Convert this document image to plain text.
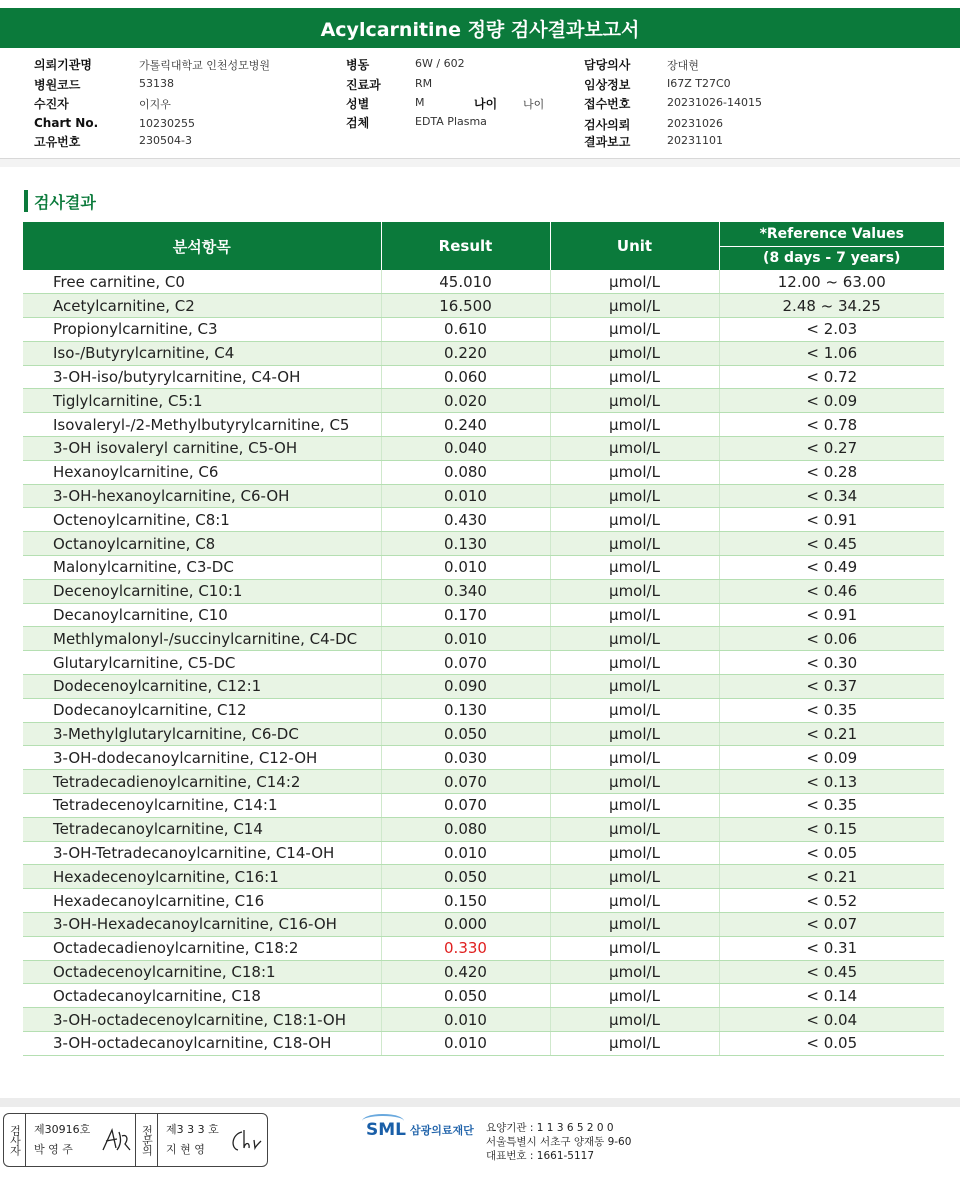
Acylcarnitine 정량 검사결과보고서
의뢰기관명	가톨릭대학교 인천성모병원
병원코드	53138
수진자	이지우
Chart No.	10230255
고유번호	230504-3
병동	6W / 602
진료과	RM
성별	M	나이 나이
검체	EDTA Plasma
담당의사	장대현
임상정보	I67Z T27C0
접수번호	20231026-14015
검사의뢰	20231026
결과보고	20231101
검사결과
분석항목	Result	Unit	*Reference Values
			(8 days - 7 years)
Free carnitine, C0	45.010	μmol/L	12.00 ~ 63.00
Acetylcarnitine, C2	16.500	μmol/L	2.48 ~ 34.25
Propionylcarnitine, C3	0.610	μmol/L	< 2.03
Iso-/Butyrylcarnitine, C4	0.220	μmol/L	< 1.06
3-OH-iso/butyrylcarnitine, C4-OH	0.060	μmol/L	< 0.72
Tiglylcarnitine, C5:1	0.020	μmol/L	< 0.09
Isovaleryl-/2-Methylbutyrylcarnitine, C5	0.240	μmol/L	< 0.78
3-OH isovaleryl carnitine, C5-OH	0.040	μmol/L	< 0.27
Hexanoylcarnitine, C6	0.080	μmol/L	< 0.28
3-OH-hexanoylcarnitine, C6-OH	0.010	μmol/L	< 0.34
Octenoylcarnitine, C8:1	0.430	μmol/L	< 0.91
Octanoylcarnitine, C8	0.130	μmol/L	< 0.45
Malonylcarnitine, C3-DC	0.010	μmol/L	< 0.49
Decenoylcarnitine, C10:1	0.340	μmol/L	< 0.46
Decanoylcarnitine, C10	0.170	μmol/L	< 0.91
Methlymalonyl-/succinylcarnitine, C4-DC	0.010	μmol/L	< 0.06
Glutarylcarnitine, C5-DC	0.070	μmol/L	< 0.30
Dodecenoylcarnitine, C12:1	0.090	μmol/L	< 0.37
Dodecanoylcarnitine, C12	0.130	μmol/L	< 0.35
3-Methylglutarylcarnitine, C6-DC	0.050	μmol/L	< 0.21
3-OH-dodecanoylcarnitine, C12-OH	0.030	μmol/L	< 0.09
Tetradecadienoylcarnitine, C14:2	0.070	μmol/L	< 0.13
Tetradecenoylcarnitine, C14:1	0.070	μmol/L	< 0.35
Tetradecanoylcarnitine, C14	0.080	μmol/L	< 0.15
3-OH-Tetradecanoylcarnitine, C14-OH	0.010	μmol/L	< 0.05
Hexadecenoylcarnitine, C16:1	0.050	μmol/L	< 0.21
Hexadecanoylcarnitine, C16	0.150	μmol/L	< 0.52
3-OH-Hexadecanoylcarnitine, C16-OH	0.000	μmol/L	< 0.07
Octadecadienoylcarnitine, C18:2	0.330	μmol/L	< 0.31
Octadecenoylcarnitine, C18:1	0.420	μmol/L	< 0.45
Octadecanoylcarnitine, C18	0.050	μmol/L	< 0.14
3-OH-octadecenoylcarnitine, C18:1-OH	0.010	μmol/L	< 0.04
3-OH-octadecanoylcarnitine, C18-OH	0.010	μmol/L	< 0.05
검사자 제30916호
박 영 주	전문의 제3 3 3 호
지 현 영
SML 삼광의료재단 요양기관 : 1 1 3 6 5 2 0 0
서울특별시 서초구 양재동 9-60
대표번호 : 1661-5117
